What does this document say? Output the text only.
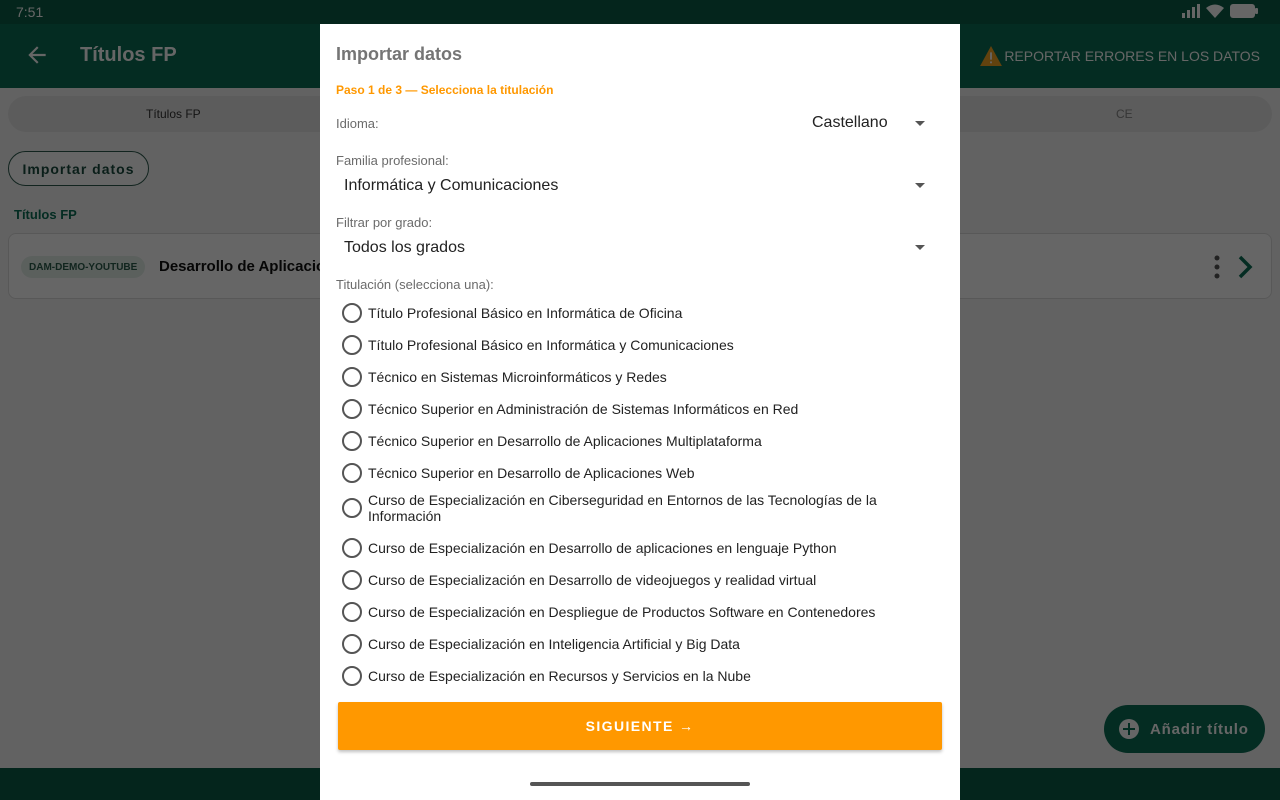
Importar datos
Paso 1 de 3 — Selecciona la titulación
Idioma:	Castellano
Familia profesional:
Informática y Comunicaciones
Filtrar por grado:
Todos los grados
Titulación (selecciona una):
Título Profesional Básico en Informática de Oficina
Título Profesional Básico en Informática y Comunicaciones
Técnico en Sistemas Microinformáticos y Redes
Técnico Superior en Administración de Sistemas Informáticos en Red
Técnico Superior en Desarrollo de Aplicaciones Multiplataforma
Técnico Superior en Desarrollo de Aplicaciones Web
Curso de Especialización en Ciberseguridad en Entornos de las Tecnologías de la Información
Curso de Especialización en Desarrollo de aplicaciones en lenguaje Python
Curso de Especialización en Desarrollo de videojuegos y realidad virtual
Curso de Especialización en Despliegue de Productos Software en Contenedores
Curso de Especialización en Inteligencia Artificial y Big Data
Curso de Especialización en Recursos y Servicios en la Nube
SIGUIENTE →
